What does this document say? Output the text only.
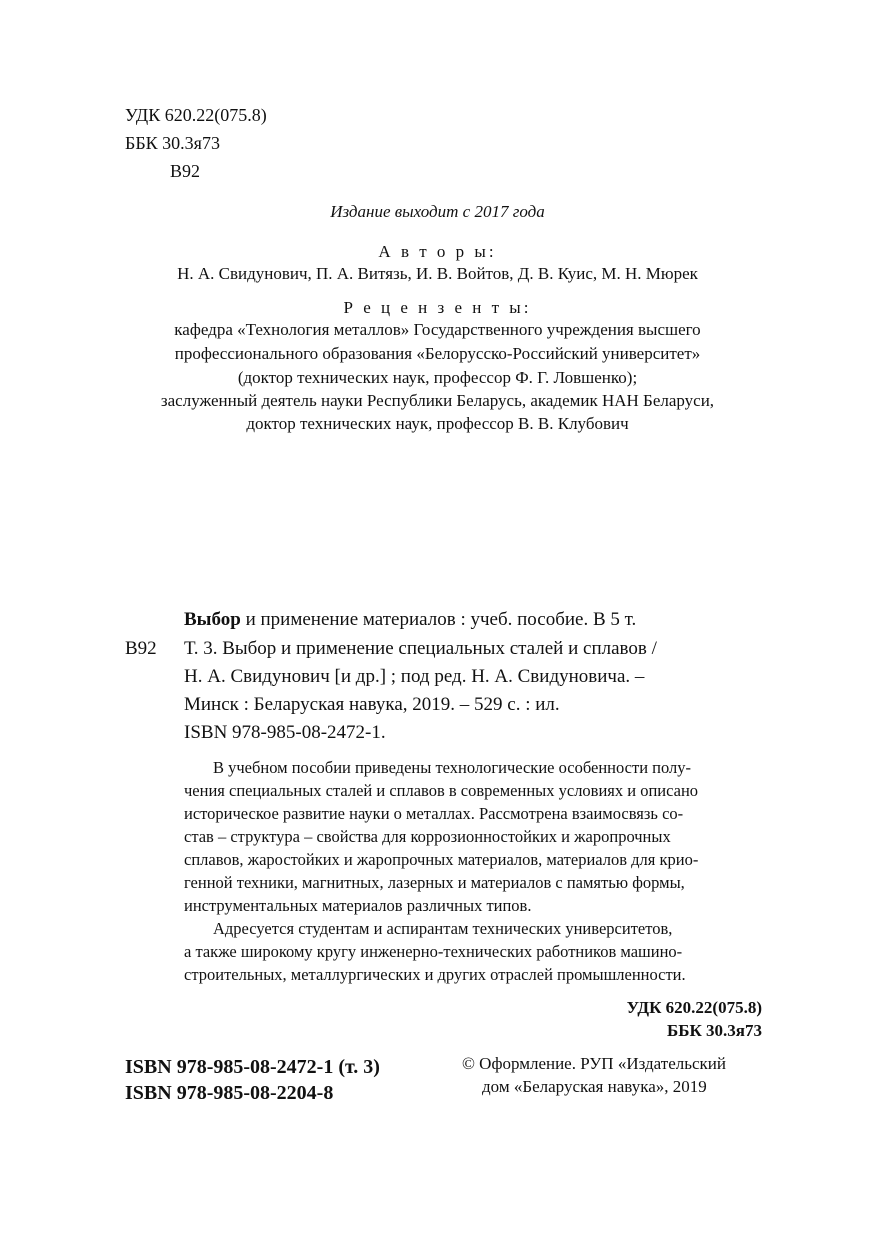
УДК 620.22(075.8)
ББК 30.3я73
В92
Издание выходит с 2017 года
А в т о р ы:
Н. А. Свидунович, П. А. Витязь, И. В. Войтов, Д. В. Куис, М. Н. Мюрек
Р е ц е н з е н т ы:
кафедра «Технология металлов» Государственного учреждения высшего
профессионального образования «Белорусско-Российский университет»
(доктор технических наук, профессор Ф. Г. Ловшенко);
заслуженный деятель науки Республики Беларусь, академик НАН Беларуси,
доктор технических наук, профессор В. В. Клубович
Выбор и применение материалов : учеб. пособие. В 5 т.
В92 Т. 3. Выбор и применение специальных сталей и сплавов /
Н. А. Свидунович [и др.] ; под ред. Н. А. Свидуновича. –
Минск : Беларуская навука, 2019. – 529 с. : ил.
ISBN 978-985-08-2472-1.
В учебном пособии приведены технологические особенности полу-
чения специальных сталей и сплавов в современных условиях и описано
историческое развитие науки о металлах. Рассмотрена взаимосвязь со-
став – структура – свойства для коррозионностойких и жаропрочных
сплавов, жаростойких и жаропрочных материалов, материалов для крио-
генной техники, магнитных, лазерных и материалов с памятью формы,
инструментальных материалов различных типов.
Адресуется студентам и аспирантам технических университетов,
а также широкому кругу инженерно-технических работников машино-
строительных, металлургических и других отраслей промышленности.
УДК 620.22(075.8)
ББК 30.3я73
ISBN 978-985-08-2472-1 (т. 3)
ISBN 978-985-08-2204-8
© Оформление. РУП «Издательский
дом «Беларуская навука», 2019
